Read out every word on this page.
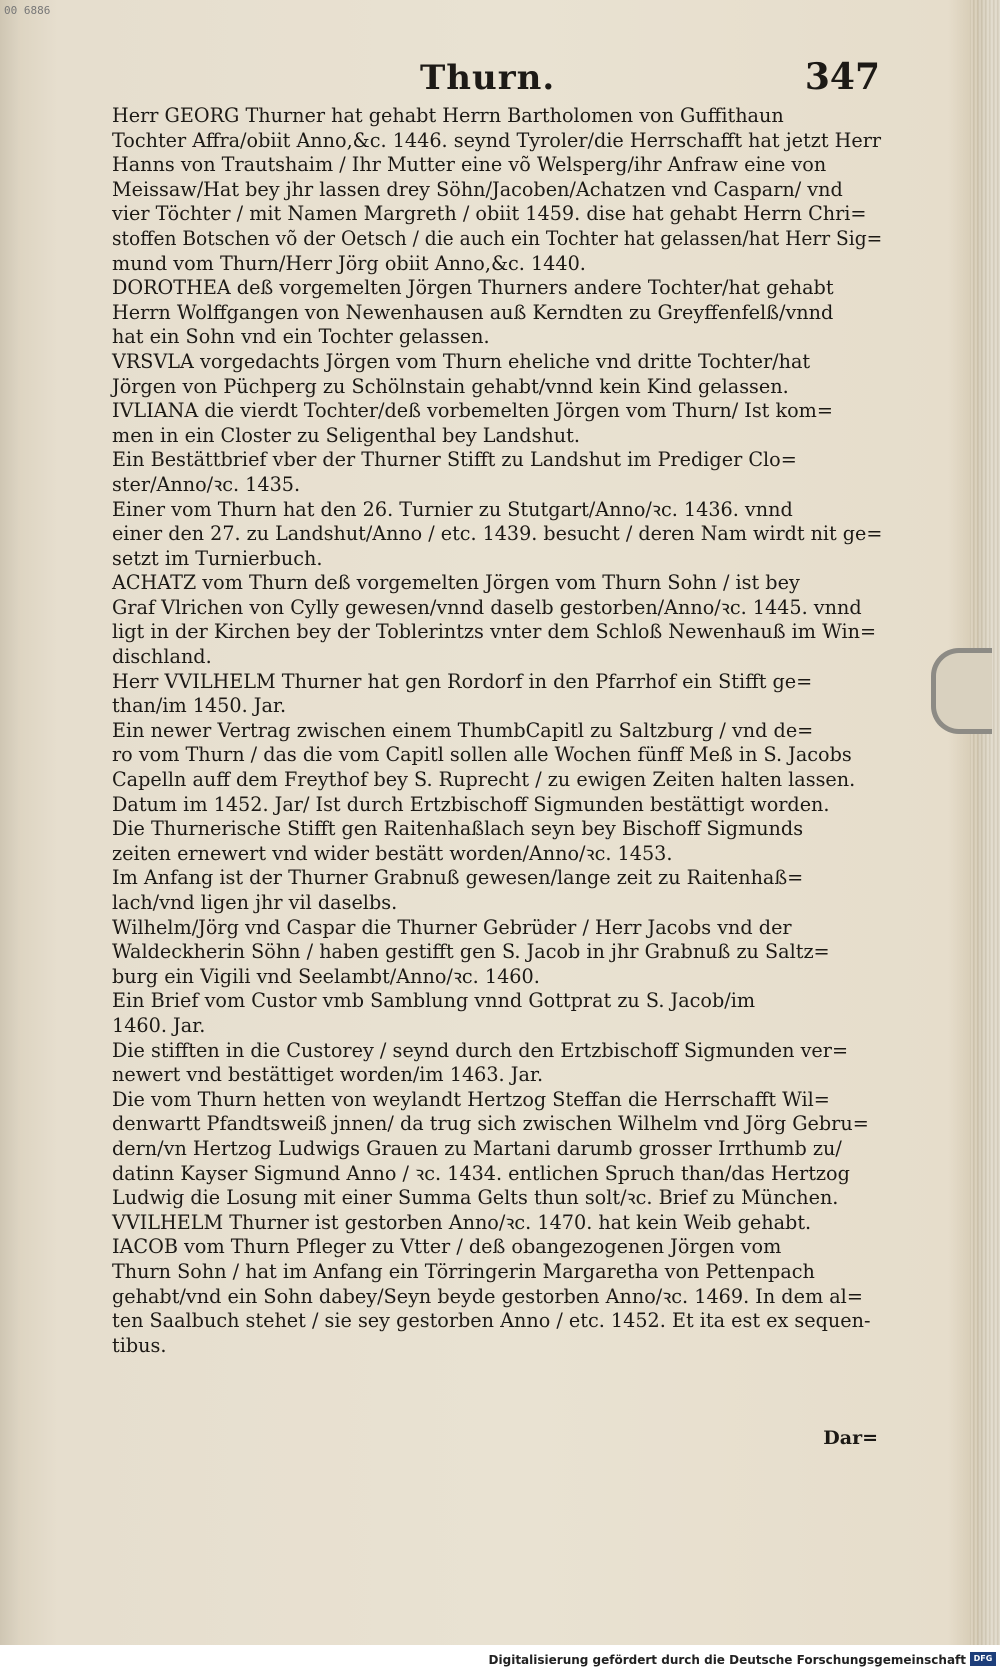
00 6886
Thurn.	347
Herr GEORG Thurner hat gehabt Herrn Bartholomen von Guffithaun
Tochter Affra/obiit Anno,&c. 1446. seynd Tyroler/die Herrschafft hat jetzt Herr
Hanns von Trautshaim / Ihr Mutter eine võ Welsperg/ihr Anfraw eine von
Meissaw/Hat bey jhr lassen drey Söhn/Jacoben/Achatzen vnd Casparn/ vnd
vier Töchter / mit Namen Margreth / obiit 1459. dise hat gehabt Herrn Chri=
stoffen Botschen võ der Oetsch / die auch ein Tochter hat gelassen/hat Herr Sig=
mund vom Thurn/Herr Jörg obiit Anno,&c. 1440.
DOROTHEA deß vorgemelten Jörgen Thurners andere Tochter/hat gehabt
Herrn Wolffgangen von Newenhausen auß Kerndten zu Greyffenfelß/vnnd
hat ein Sohn vnd ein Tochter gelassen.
VRSVLA vorgedachts Jörgen vom Thurn eheliche vnd dritte Tochter/hat
Jörgen von Püchperg zu Schölnstain gehabt/vnnd kein Kind gelassen.
IVLIANA die vierdt Tochter/deß vorbemelten Jörgen vom Thurn/ Ist kom=
men in ein Closter zu Seligenthal bey Landshut.
Ein Bestättbrief vber der Thurner Stifft zu Landshut im Prediger Clo=
ster/Anno/ꝛc. 1435.
Einer vom Thurn hat den 26. Turnier zu Stutgart/Anno/ꝛc. 1436. vnnd
einer den 27. zu Landshut/Anno / etc. 1439. besucht / deren Nam wirdt nit ge=
setzt im Turnierbuch.
ACHATZ vom Thurn deß vorgemelten Jörgen vom Thurn Sohn / ist bey
Graf Vlrichen von Cylly gewesen/vnnd daselb gestorben/Anno/ꝛc. 1445. vnnd
ligt in der Kirchen bey der Toblerintzs vnter dem Schloß Newenhauß im Win=
dischland.
Herr VVILHELM Thurner hat gen Rordorf in den Pfarrhof ein Stifft ge=
than/im 1450. Jar.
Ein newer Vertrag zwischen einem ThumbCapitl zu Saltzburg / vnd de=
ro vom Thurn / das die vom Capitl sollen alle Wochen fünff Meß in S. Jacobs
Capelln auff dem Freythof bey S. Ruprecht / zu ewigen Zeiten halten lassen.
Datum im 1452. Jar/ Ist durch Ertzbischoff Sigmunden bestättigt worden.
Die Thurnerische Stifft gen Raitenhaßlach seyn bey Bischoff Sigmunds
zeiten ernewert vnd wider bestätt worden/Anno/ꝛc. 1453.
Im Anfang ist der Thurner Grabnuß gewesen/lange zeit zu Raitenhaß=
lach/vnd ligen jhr vil daselbs.
Wilhelm/Jörg vnd Caspar die Thurner Gebrüder / Herr Jacobs vnd der
Waldeckherin Söhn / haben gestifft gen S. Jacob in jhr Grabnuß zu Saltz=
burg ein Vigili vnd Seelambt/Anno/ꝛc. 1460.
Ein Brief vom Custor vmb Samblung vnnd Gottprat zu S. Jacob/im
1460. Jar.
Die stifften in die Custorey / seynd durch den Ertzbischoff Sigmunden ver=
newert vnd bestättiget worden/im 1463. Jar.
Die vom Thurn hetten von weylandt Hertzog Steffan die Herrschafft Wil=
denwartt Pfandtsweiß jnnen/ da trug sich zwischen Wilhelm vnd Jörg Gebru=
dern/vn Hertzog Ludwigs Grauen zu Martani darumb grosser Irrthumb zu/
datinn Kayser Sigmund Anno / ꝛc. 1434. entlichen Spruch than/das Hertzog
Ludwig die Losung mit einer Summa Gelts thun solt/ꝛc. Brief zu München.
VVILHELM Thurner ist gestorben Anno/ꝛc. 1470. hat kein Weib gehabt.
IACOB vom Thurn Pfleger zu Vtter / deß obangezogenen Jörgen vom
Thurn Sohn / hat im Anfang ein Törringerin Margaretha von Pettenpach
gehabt/vnd ein Sohn dabey/Seyn beyde gestorben Anno/ꝛc. 1469. In dem al=
ten Saalbuch stehet / sie sey gestorben Anno / etc. 1452. Et ita est ex sequen-
tibus.
Dar=
Digitalisierung gefördert durch die Deutsche Forschungsgemeinschaft DFG
